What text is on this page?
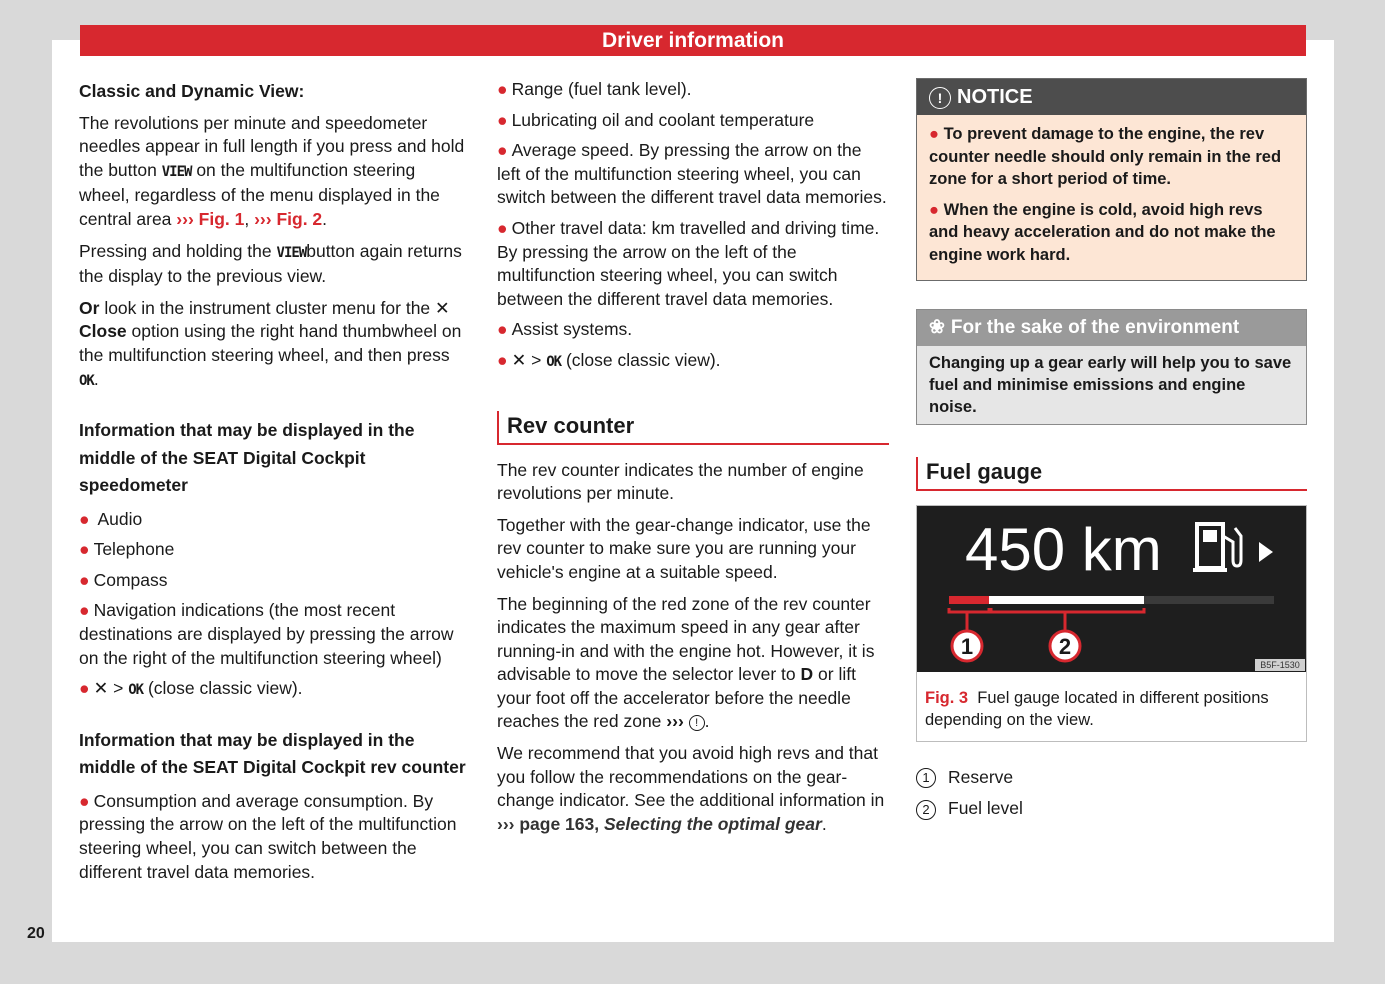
Driver information
20

Classic and Dynamic View:

The revolutions per minute and speedometer needles appear in full length if you press and hold the button VIEW on the multifunction steering wheel, regardless of the menu displayed in the central area ››› Fig. 1, ››› Fig. 2.

Pressing and holding the VIEWbutton again returns the display to the previous view.

Or look in the instrument cluster menu for the ✕ Close option using the right hand thumbwheel on the multifunction steering wheel, and then press OK.

Information that may be displayed in the middle of the SEAT Digital Cockpit speedometer

● Audio
● Telephone
● Compass
● Navigation indications (the most recent destinations are displayed by pressing the arrow on the right of the multifunction steering wheel)
● ✕ > OK (close classic view).

Information that may be displayed in the middle of the SEAT Digital Cockpit rev counter

● Consumption and average consumption. By pressing the arrow on the left of the multifunction steering wheel, you can switch between the different travel data memories.
● Range (fuel tank level).
● Lubricating oil and coolant temperature
● Average speed. By pressing the arrow on the left of the multifunction steering wheel, you can switch between the different travel data memories.
● Other travel data: km travelled and driving time. By pressing the arrow on the left of the multifunction steering wheel, you can switch between the different travel data memories.
● Assist systems.
● ✕ > OK (close classic view).
Rev counter

The rev counter indicates the number of engine revolutions per minute.

Together with the gear-change indicator, use the rev counter to make sure you are running your vehicle's engine at a suitable speed.

The beginning of the red zone of the rev counter indicates the maximum speed in any gear after running-in and with the engine hot. However, it is advisable to move the selector lever to D or lift your foot off the accelerator before the needle reaches the red zone ››› ! .

We recommend that you avoid high revs and that you follow the recommendations on the gear-change indicator. See the additional information in ››› page 163, Selecting the optimal gear.

! NOTICE

● To prevent damage to the engine, the rev counter needle should only remain in the red zone for a short period of time.

● When the engine is cold, avoid high revs and heavy acceleration and do not make the engine work hard.

❀ For the sake of the environment
Changing up a gear early will help you to save fuel and minimise emissions and engine noise.
Fuel gauge
450 km
1	2
B5F-1530
Fig. 3 Fuel gauge located in different positions depending on the view.
1 Reserve
2 Fuel level
